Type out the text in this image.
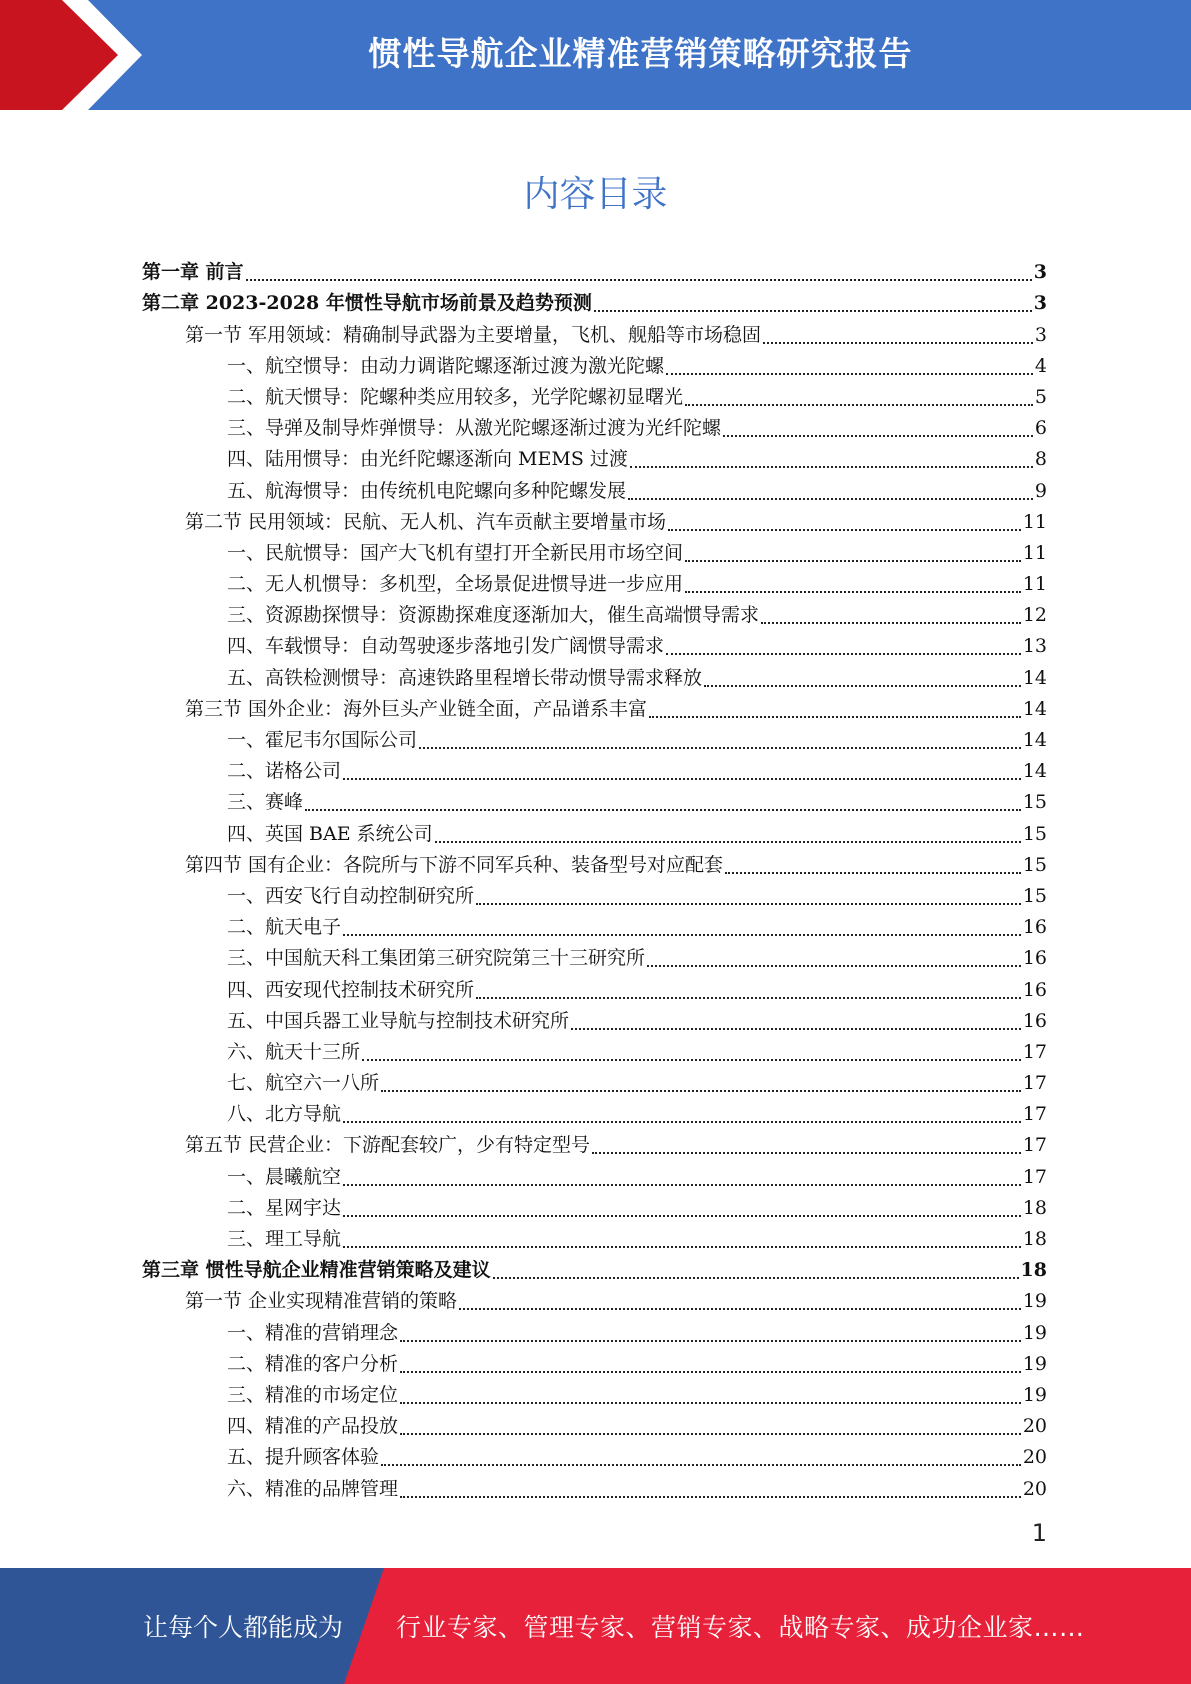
惯性导航企业精准营销策略研究报告
内容目录
第一章 前言	3
第二章 2023-2028 年惯性导航市场前景及趋势预测	3
第一节 军用领域：精确制导武器为主要增量，飞机、舰船等市场稳固	3
一、航空惯导：由动力调谐陀螺逐渐过渡为激光陀螺	4
二、航天惯导：陀螺种类应用较多，光学陀螺初显曙光	5
三、导弹及制导炸弹惯导：从激光陀螺逐渐过渡为光纤陀螺	6
四、陆用惯导：由光纤陀螺逐渐向 MEMS 过渡	8
五、航海惯导：由传统机电陀螺向多种陀螺发展	9
第二节 民用领域：民航、无人机、汽车贡献主要增量市场	11
一、民航惯导：国产大飞机有望打开全新民用市场空间	11
二、无人机惯导：多机型，全场景促进惯导进一步应用	11
三、资源勘探惯导：资源勘探难度逐渐加大，催生高端惯导需求	12
四、车载惯导：自动驾驶逐步落地引发广阔惯导需求	13
五、高铁检测惯导：高速铁路里程增长带动惯导需求释放	14
第三节 国外企业：海外巨头产业链全面，产品谱系丰富	14
一、霍尼韦尔国际公司	14
二、诺格公司	14
三、赛峰	15
四、英国 BAE 系统公司	15
第四节 国有企业：各院所与下游不同军兵种、装备型号对应配套	15
一、西安飞行自动控制研究所	15
二、航天电子	16
三、中国航天科工集团第三研究院第三十三研究所	16
四、西安现代控制技术研究所	16
五、中国兵器工业导航与控制技术研究所	16
六、航天十三所	17
七、航空六一八所	17
八、北方导航	17
第五节 民营企业：下游配套较广，少有特定型号	17
一、晨曦航空	17
二、星网宇达	18
三、理工导航	18
第三章 惯性导航企业精准营销策略及建议	18
第一节 企业实现精准营销的策略	19
一、精准的营销理念	19
二、精准的客户分析	19
三、精准的市场定位	19
四、精准的产品投放	20
五、提升顾客体验	20
六、精准的品牌管理	20
1
让每个人都能成为 行业专家、管理专家、营销专家、战略专家、成功企业家……
